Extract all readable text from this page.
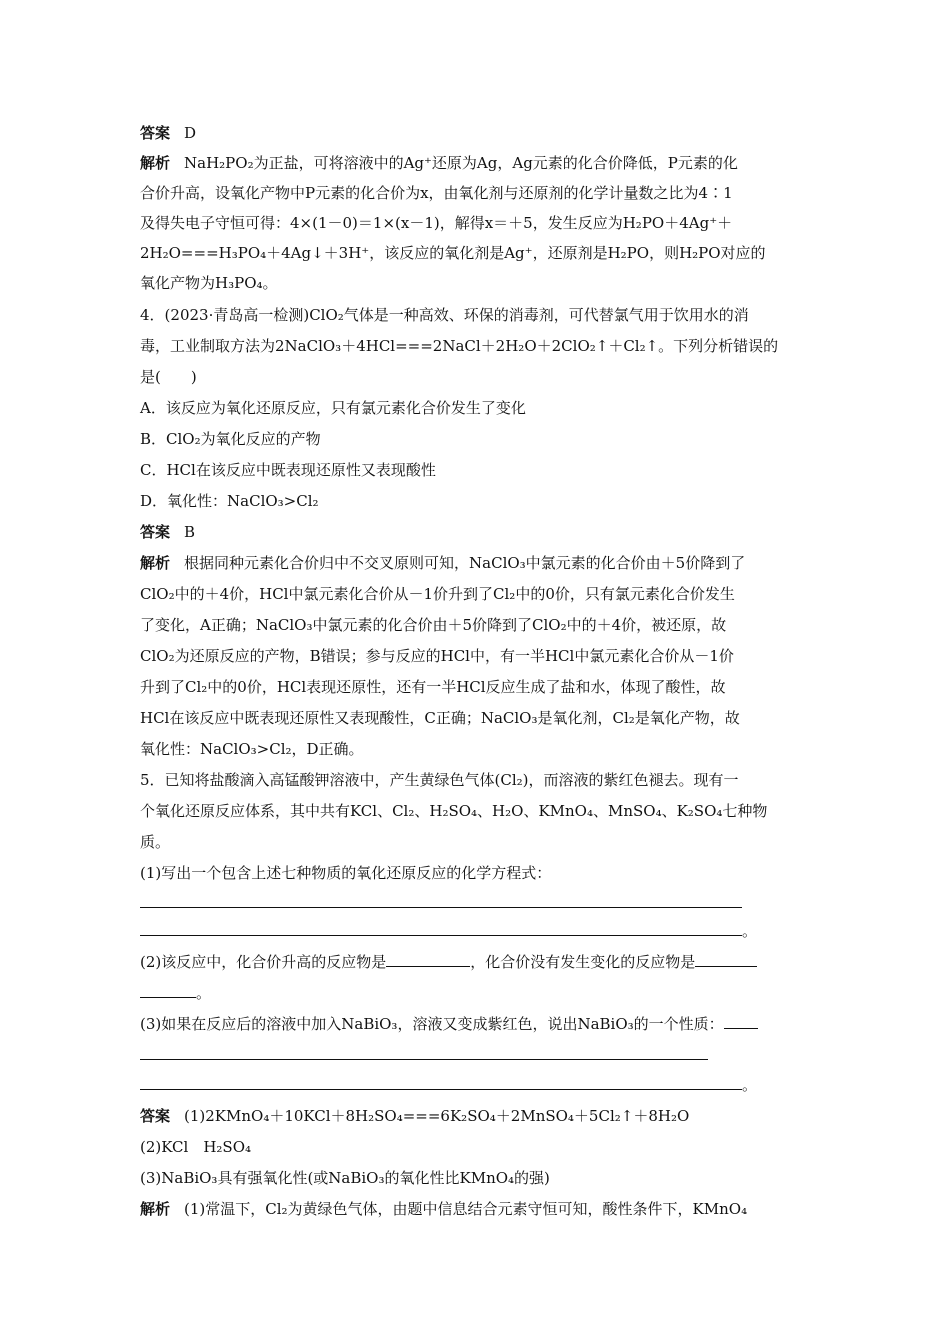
答案 D
解析 NaH₂PO₂为正盐，可将溶液中的Ag⁺还原为Ag，Ag元素的化合价降低，P元素的化
合价升高，设氧化产物中P元素的化合价为x，由氧化剂与还原剂的化学计量数之比为4∶1
及得失电子守恒可得：4×(1－0)＝1×(x－1)，解得x＝＋5，发生反应为H₂PO＋4Ag⁺＋
2H₂O===H₃PO₄＋4Ag↓＋3H⁺，该反应的氧化剂是Ag⁺，还原剂是H₂PO，则H₂PO对应的
氧化产物为H₃PO₄。
4．(2023·青岛高一检测)ClO₂气体是一种高效、环保的消毒剂，可代替氯气用于饮用水的消
毒，工业制取方法为2NaClO₃＋4HCl===2NaCl＋2H₂O＋2ClO₂↑＋Cl₂↑。下列分析错误的
是(　　)
A．该反应为氧化还原反应，只有氯元素化合价发生了变化
B．ClO₂为氧化反应的产物
C．HCl在该反应中既表现还原性又表现酸性
D．氧化性：NaClO₃>Cl₂
答案 B
解析 根据同种元素化合价归中不交叉原则可知，NaClO₃中氯元素的化合价由＋5价降到了
ClO₂中的＋4价，HCl中氯元素化合价从－1价升到了Cl₂中的0价，只有氯元素化合价发生
了变化，A正确；NaClO₃中氯元素的化合价由＋5价降到了ClO₂中的＋4价，被还原，故
ClO₂为还原反应的产物，B错误；参与反应的HCl中，有一半HCl中氯元素化合价从－1价
升到了Cl₂中的0价，HCl表现还原性，还有一半HCl反应生成了盐和水，体现了酸性，故
HCl在该反应中既表现还原性又表现酸性，C正确；NaClO₃是氧化剂，Cl₂是氧化产物，故
氧化性：NaClO₃>Cl₂，D正确。
5．已知将盐酸滴入高锰酸钾溶液中，产生黄绿色气体(Cl₂)，而溶液的紫红色褪去。现有一
个氧化还原反应体系，其中共有KCl、Cl₂、H₂SO₄、H₂O、KMnO₄、MnSO₄、K₂SO₄七种物
质。
(1)写出一个包含上述七种物质的氧化还原反应的化学方程式：
。
(2)该反应中，化合价升高的反应物是	，化合价没有发生变化的反应物是
。
(3)如果在反应后的溶液中加入NaBiO₃，溶液又变成紫红色，说出NaBiO₃的一个性质：
。
答案 (1)2KMnO₄＋10KCl＋8H₂SO₄===6K₂SO₄＋2MnSO₄＋5Cl₂↑＋8H₂O
(2)KCl　H₂SO₄
(3)NaBiO₃具有强氧化性(或NaBiO₃的氧化性比KMnO₄的强)
解析 (1)常温下，Cl₂为黄绿色气体，由题中信息结合元素守恒可知，酸性条件下，KMnO₄
